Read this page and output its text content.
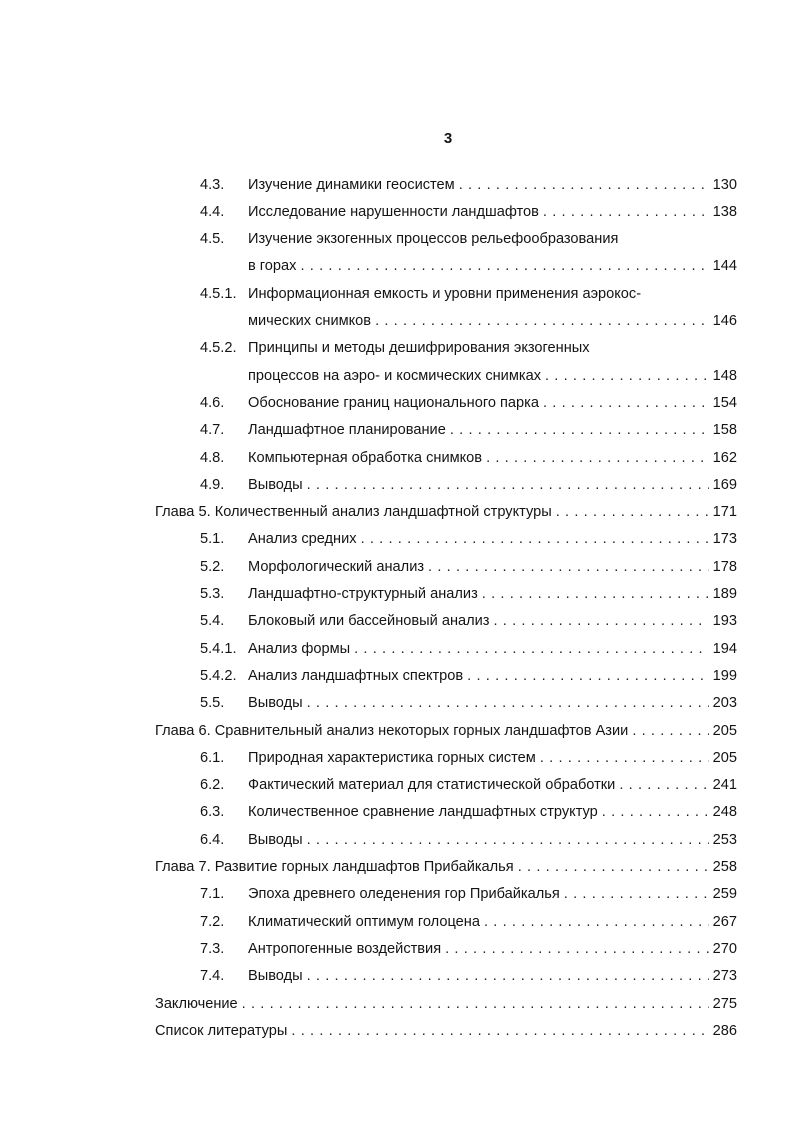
3
4.3. Изучение динамики геосистем . . .	130
4.4. Исследование нарушенности ландшафтов . . .	138
4.5. Изучение экзогенных процессов рельефообразования
в горах . . .	144
4.5.1. Информационная емкость и уровни применения аэрокос-
мических снимков . . .	146
4.5.2. Принципы и методы дешифрирования экзогенных
процессов на аэро- и космических снимках . . .	148
4.6. Обоснование границ национального парка . . .	154
4.7. Ландшафтное планирование . . .	158
4.8. Компьютерная обработка снимков . . .	162
4.9. Выводы . . .	169
Глава 5. Количественный анализ ландшафтной структуры . . .	171
5.1. Анализ средних . . .	173
5.2. Морфологический анализ . . .	178
5.3. Ландшафтно-структурный анализ . . .	189
5.4. Блоковый или бассейновый анализ . . .	193
5.4.1. Анализ формы . . .	194
5.4.2. Анализ ландшафтных спектров . . .	199
5.5. Выводы . . .	203
Глава 6. Сравнительный анализ некоторых горных ландшафтов Азии . . .	205
6.1. Природная характеристика горных систем . . .	205
6.2. Фактический материал для статистической обработки . . .	241
6.3. Количественное сравнение ландшафтных структур . . .	248
6.4. Выводы . . .	253
Глава 7. Развитие горных ландшафтов Прибайкалья . . .	258
7.1. Эпоха древнего оледенения гор Прибайкалья . . .	259
7.2. Климатический оптимум голоцена . . .	267
7.3. Антропогенные воздействия . . .	270
7.4. Выводы . . .	273
Заключение . . .	275
Список литературы . . .	286
